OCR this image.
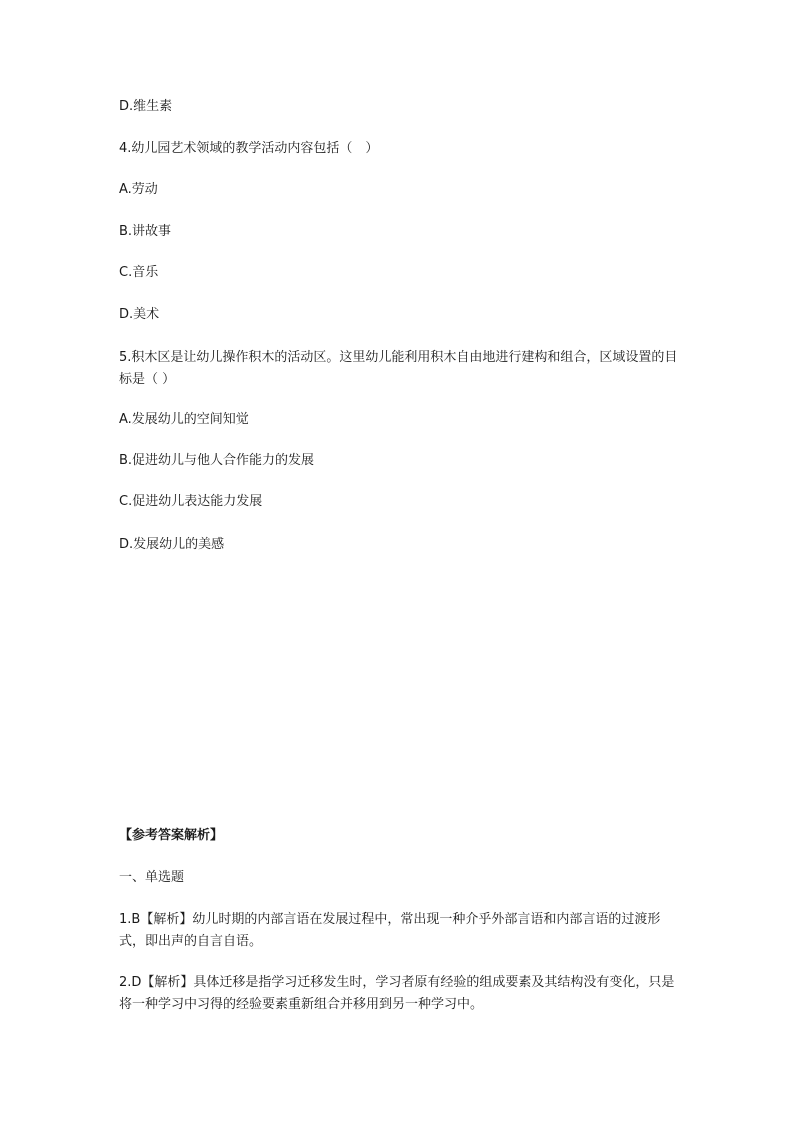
D.维生素

4.幼儿园艺术领域的教学活动内容包括（　）

A.劳动

B.讲故事

C.音乐

D.美术

5.积木区是让幼儿操作积木的活动区。这里幼儿能利用积木自由地进行建构和组合，区域设置的目标是（ ）

A.发展幼儿的空间知觉

B.促进幼儿与他人合作能力的发展

C.促进幼儿表达能力发展

D.发展幼儿的美感

【参考答案解析】

一、单选题

1.B【解析】幼儿时期的内部言语在发展过程中，常出现一种介乎外部言语和内部言语的过渡形式，即出声的自言自语。

2.D【解析】具体迁移是指学习迁移发生时，学习者原有经验的组成要素及其结构没有变化，只是将一种学习中习得的经验要素重新组合并移用到另一种学习中。
